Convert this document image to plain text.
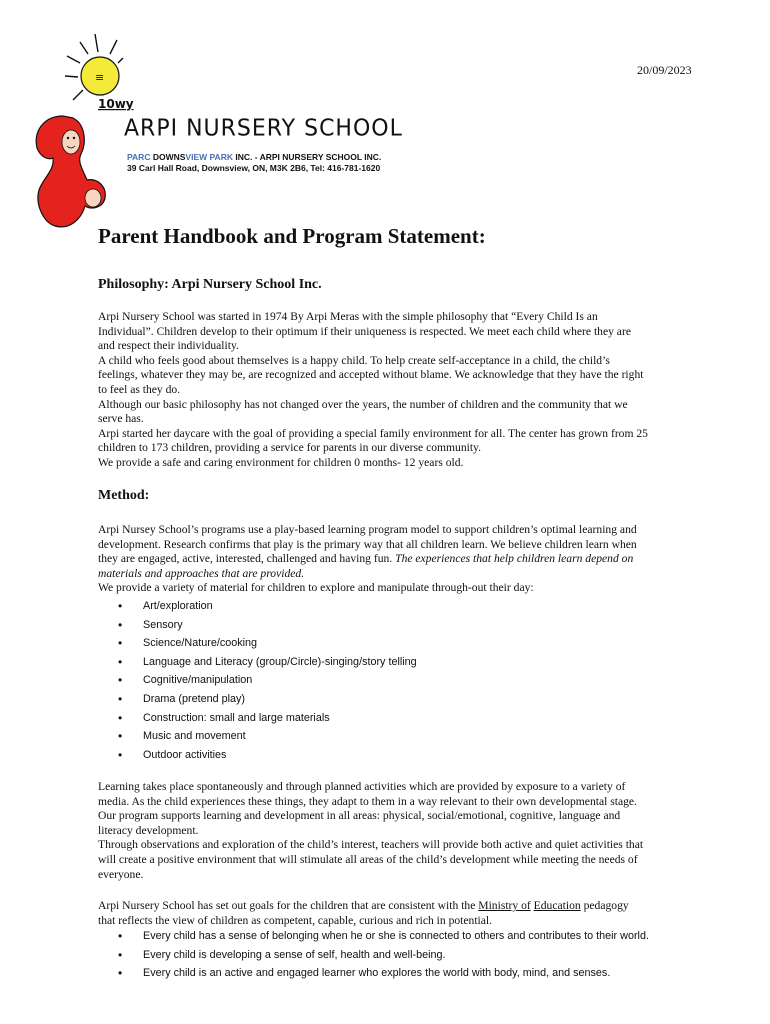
20/09/2023
≡
10wy
ARPI NURSERY SCHOOL
PARC DOWNSVIEW PARK INC. - ARPI NURSERY SCHOOL INC.
39 Carl Hall Road, Downsview, ON, M3K 2B6, Tel: 416-781-1620
Parent Handbook and Program Statement:
Philosophy: Arpi Nursery School Inc.

Arpi Nursery School was started in 1974 By Arpi Meras with the simple philosophy that “Every Child Is an

Individual”. Children develop to their optimum if their uniqueness is respected. We meet each child where they are

and respect their individuality.

A child who feels good about themselves is a happy child. To help create self-acceptance in a child, the child’s

feelings, whatever they may be, are recognized and accepted without blame. We acknowledge that they have the right

to feel as they do.

Although our basic philosophy has not changed over the years, the number of children and the community that we

serve has.

Arpi started her daycare with the goal of providing a special family environment for all. The center has grown from 25

children to 173 children, providing a service for parents in our diverse community.

We provide a safe and caring environment for children 0 months- 12 years old.

Method:

Arpi Nursey School’s programs use a play-based learning program model to support children’s optimal learning and

development. Research confirms that play is the primary way that all children learn. We believe children learn when

they are engaged, active, interested, challenged and having fun. The experiences that help children learn depend on

materials and approaches that are provided.

We provide a variety of material for children to explore and manipulate through-out their day:

• Art/exploration
• Sensory
• Science/Nature/cooking
• Language and Literacy (group/Circle)-singing/story telling
• Cognitive/manipulation
• Drama (pretend play)
• Construction: small and large materials
• Music and movement
• Outdoor activities

Learning takes place spontaneously and through planned activities which are provided by exposure to a variety of

media. As the child experiences these things, they adapt to them in a way relevant to their own developmental stage.

Our program supports learning and development in all areas: physical, social/emotional, cognitive, language and

literacy development.

Through observations and exploration of the child’s interest, teachers will provide both active and quiet activities that

will create a positive environment that will stimulate all areas of the child’s development while meeting the needs of

everyone.

Arpi Nursery School has set out goals for the children that are consistent with the Ministry of Education pedagogy

that reflects the view of children as competent, capable, curious and rich in potential.

• Every child has a sense of belonging when he or she is connected to others and contributes to their world.
• Every child is developing a sense of self, health and well-being.
• Every child is an active and engaged learner who explores the world with body, mind, and senses.
